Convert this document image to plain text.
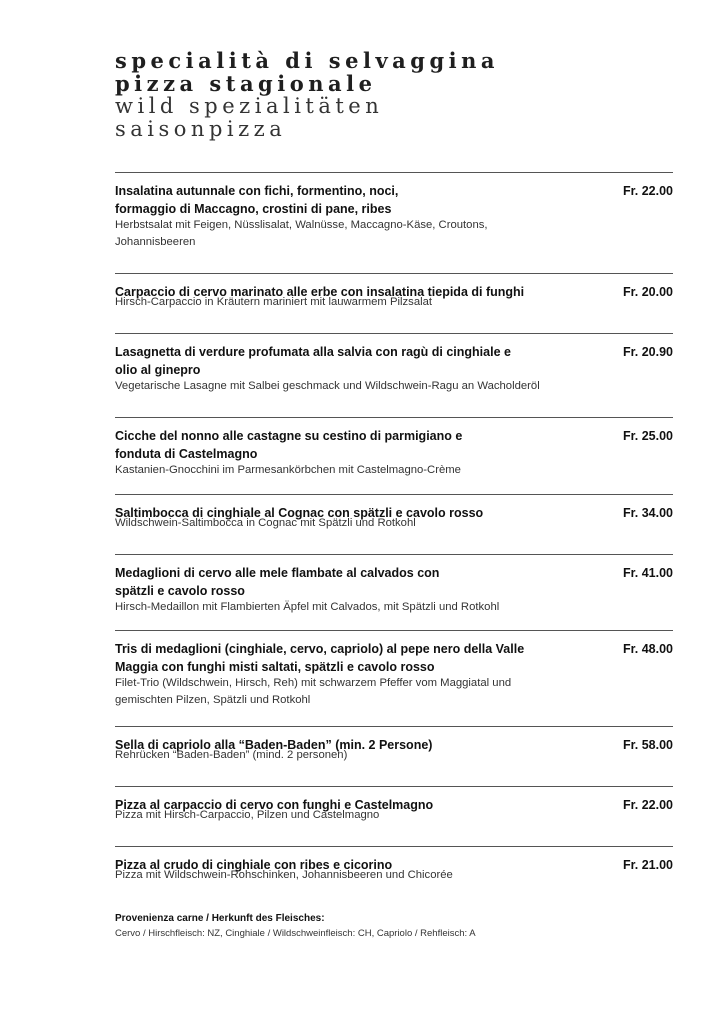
specialità di selvaggina
pizza stagionale
wild spezialitäten
saisonpizza
Insalatina autunnale con fichi, formentino, noci, formaggio di Maccagno, crostini di pane, ribes
Fr. 22.00
Herbstsalat mit Feigen, Nüsslisalat, Walnüsse, Maccagno-Käse, Croutons, Johannisbeeren
Carpaccio di cervo marinato alle erbe con insalatina tiepida di funghi	Fr. 20.00
Hirsch-Carpaccio in Kräutern mariniert mit lauwarmem Pilzsalat
Lasagnetta di verdure profumata alla salvia con ragù di cinghiale e olio al ginepro
Fr. 20.90
Vegetarische Lasagne mit Salbei geschmack und Wildschwein-Ragu an Wacholderöl
Cicche del nonno alle castagne su cestino di parmigiano e fonduta di Castelmagno
Fr. 25.00
Kastanien-Gnocchini im Parmesankörbchen mit Castelmagno-Crème
Saltimbocca di cinghiale al Cognac con spätzli e cavolo rosso	Fr. 34.00
Wildschwein-Saltimbocca in Cognac mit Spätzli und Rotkohl
Medaglioni di cervo alle mele flambate al calvados con spätzli e cavolo rosso
Fr. 41.00
Hirsch-Medaillon mit Flambierten Äpfel mit Calvados, mit Spätzli und Rotkohl
Tris di medaglioni (cinghiale, cervo, capriolo) al pepe nero della Valle Maggia con funghi misti saltati, spätzli e cavolo rosso
Fr. 48.00
Filet-Trio (Wildschwein, Hirsch, Reh) mit schwarzem Pfeffer vom Maggiatal und gemischten Pilzen, Spätzli und Rotkohl
Sella di capriolo alla “Baden-Baden” (min. 2 Persone)	Fr. 58.00
Rehrücken “Baden-Baden” (mind. 2 personen)
Pizza al carpaccio di cervo con funghi e Castelmagno	Fr. 22.00
Pizza mit Hirsch-Carpaccio, Pilzen und Castelmagno
Pizza al crudo di cinghiale con ribes e cicorino	Fr. 21.00
Pizza mit Wildschwein-Rohschinken, Johannisbeeren und Chicorée
Provenienza carne / Herkunft des Fleisches:
Cervo / Hirschfleisch: NZ, Cinghiale / Wildschweinfleisch: CH, Capriolo / Rehfleisch: A
